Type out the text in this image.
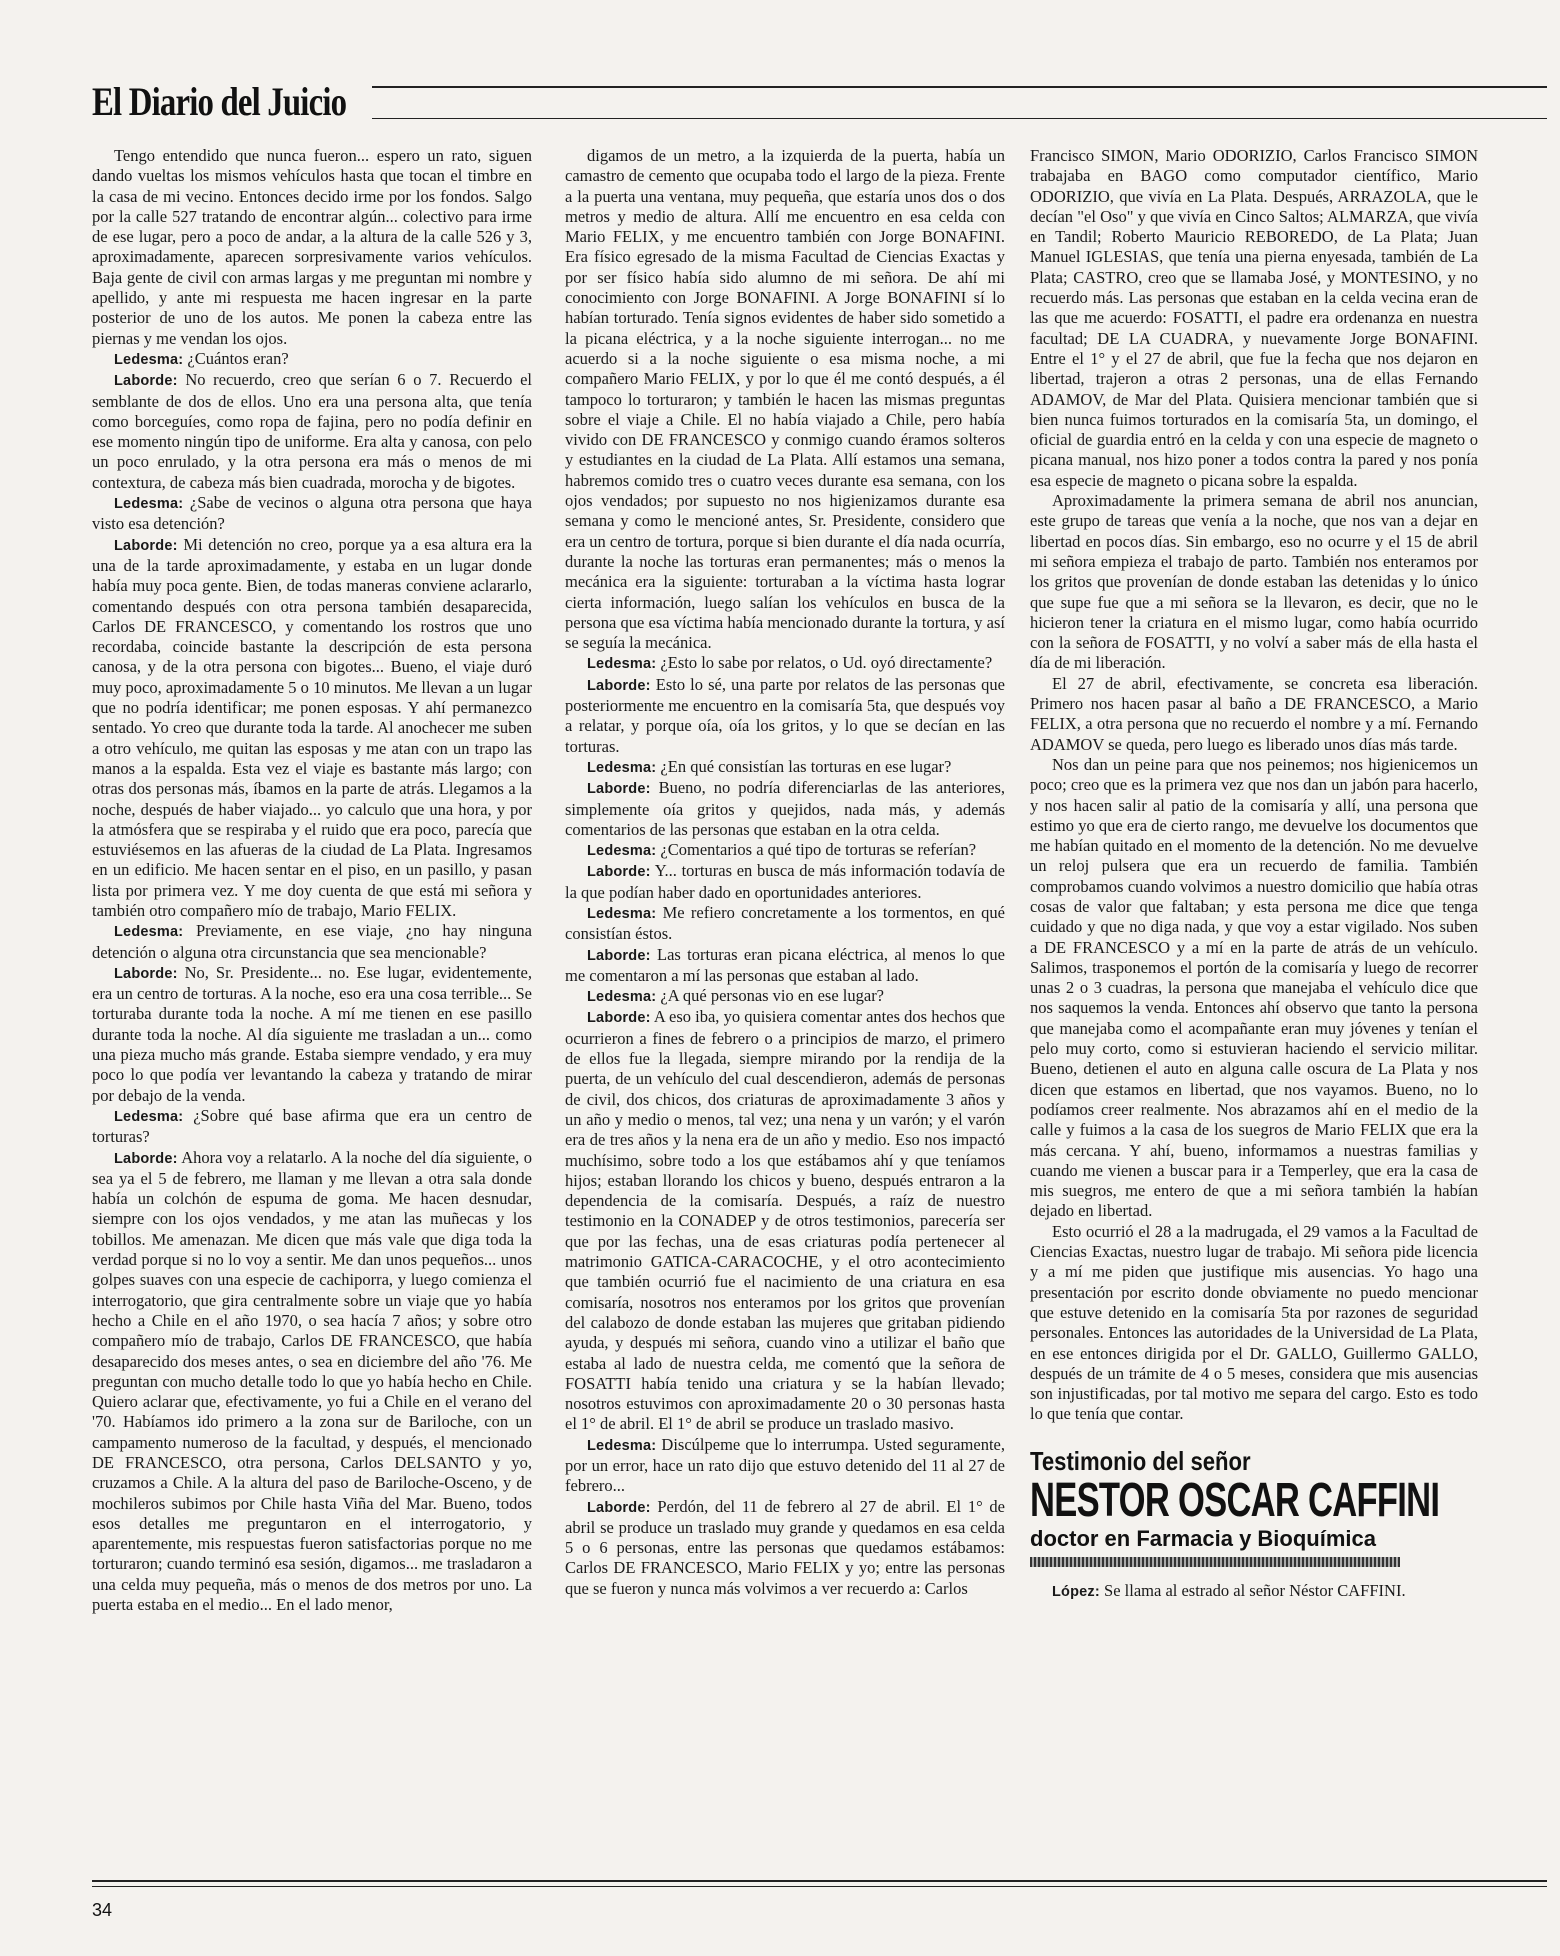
El Diario del Juicio

Tengo entendido que nunca fueron... espero un rato, siguen dando vueltas los mismos vehículos hasta que tocan el timbre en la casa de mi vecino. Entonces decido irme por los fondos. Salgo por la calle 527 tratando de encontrar algún... colectivo para irme de ese lugar, pero a poco de andar, a la altura de la calle 526 y 3, aproximadamente, aparecen sorpresivamente varios vehículos. Baja gente de civil con armas largas y me preguntan mi nombre y apellido, y ante mi respuesta me hacen ingresar en la parte posterior de uno de los autos. Me ponen la cabeza entre las piernas y me vendan los ojos.

Ledesma: ¿Cuántos eran?

Laborde: No recuerdo, creo que serían 6 o 7. Recuerdo el semblante de dos de ellos. Uno era una persona alta, que tenía como borceguíes, como ropa de fajina, pero no podía definir en ese momento ningún tipo de uniforme. Era alta y canosa, con pelo un poco enrulado, y la otra persona era más o menos de mi contextura, de cabeza más bien cuadrada, morocha y de bigotes.

Ledesma: ¿Sabe de vecinos o alguna otra persona que haya visto esa detención?

Laborde: Mi detención no creo, porque ya a esa altura era la una de la tarde aproximadamente, y estaba en un lugar donde había muy poca gente. Bien, de todas maneras conviene aclararlo, comentando después con otra persona también desaparecida, Carlos DE FRANCESCO, y comentando los rostros que uno recordaba, coincide bastante la descripción de esta persona canosa, y de la otra persona con bigotes... Bueno, el viaje duró muy poco, aproximadamente 5 o 10 minutos. Me llevan a un lugar que no podría identificar; me ponen esposas. Y ahí permanezco sentado. Yo creo que durante toda la tarde. Al anochecer me suben a otro vehículo, me quitan las esposas y me atan con un trapo las manos a la espalda. Esta vez el viaje es bastante más largo; con otras dos personas más, íbamos en la parte de atrás. Llegamos a la noche, después de haber viajado... yo calculo que una hora, y por la atmósfera que se respiraba y el ruido que era poco, parecía que estuviésemos en las afueras de la ciudad de La Plata. Ingresamos en un edificio. Me hacen sentar en el piso, en un pasillo, y pasan lista por primera vez. Y me doy cuenta de que está mi señora y también otro compañero mío de trabajo, Mario FELIX.

Ledesma: Previamente, en ese viaje, ¿no hay ninguna detención o alguna otra circunstancia que sea mencionable?

Laborde: No, Sr. Presidente... no. Ese lugar, evidentemente, era un centro de torturas. A la noche, eso era una cosa terrible... Se torturaba durante toda la noche. A mí me tienen en ese pasillo durante toda la noche. Al día siguiente me trasladan a un... como una pieza mucho más grande. Estaba siempre vendado, y era muy poco lo que podía ver levantando la cabeza y tratando de mirar por debajo de la venda.

Ledesma: ¿Sobre qué base afirma que era un centro de torturas?

Laborde: Ahora voy a relatarlo. A la noche del día siguiente, o sea ya el 5 de febrero, me llaman y me llevan a otra sala donde había un colchón de espuma de goma. Me hacen desnudar, siempre con los ojos vendados, y me atan las muñecas y los tobillos. Me amenazan. Me dicen que más vale que diga toda la verdad porque si no lo voy a sentir. Me dan unos pequeños... unos golpes suaves con una especie de cachiporra, y luego comienza el interrogatorio, que gira centralmente sobre un viaje que yo había hecho a Chile en el año 1970, o sea hacía 7 años; y sobre otro compañero mío de trabajo, Carlos DE FRANCESCO, que había desaparecido dos meses antes, o sea en diciembre del año '76. Me preguntan con mucho detalle todo lo que yo había hecho en Chile. Quiero aclarar que, efectivamente, yo fui a Chile en el verano del '70. Habíamos ido primero a la zona sur de Bariloche, con un campamento numeroso de la facultad, y después, el mencionado DE FRANCESCO, otra persona, Carlos DELSANTO y yo, cruzamos a Chile. A la altura del paso de Bariloche-Osceno, y de mochileros subimos por Chile hasta Viña del Mar. Bueno, todos esos detalles me preguntaron en el interrogatorio, y aparentemente, mis respuestas fueron satisfactorias porque no me torturaron; cuando terminó esa sesión, digamos... me trasladaron a una celda muy pequeña, más o menos de dos metros por uno. La puerta estaba en el medio... En el lado menor,

digamos de un metro, a la izquierda de la puerta, había un camastro de cemento que ocupaba todo el largo de la pieza. Frente a la puerta una ventana, muy pequeña, que estaría unos dos o dos metros y medio de altura. Allí me encuentro en esa celda con Mario FELIX, y me encuentro también con Jorge BONAFINI. Era físico egresado de la misma Facultad de Ciencias Exactas y por ser físico había sido alumno de mi señora. De ahí mi conocimiento con Jorge BONAFINI. A Jorge BONAFINI sí lo habían torturado. Tenía signos evidentes de haber sido sometido a la picana eléctrica, y a la noche siguiente interrogan... no me acuerdo si a la noche siguiente o esa misma noche, a mi compañero Mario FELIX, y por lo que él me contó después, a él tampoco lo torturaron; y también le hacen las mismas preguntas sobre el viaje a Chile. El no había viajado a Chile, pero había vivido con DE FRANCESCO y conmigo cuando éramos solteros y estudiantes en la ciudad de La Plata. Allí estamos una semana, habremos comido tres o cuatro veces durante esa semana, con los ojos vendados; por supuesto no nos higienizamos durante esa semana y como le mencioné antes, Sr. Presidente, considero que era un centro de tortura, porque si bien durante el día nada ocurría, durante la noche las torturas eran permanentes; más o menos la mecánica era la siguiente: torturaban a la víctima hasta lograr cierta información, luego salían los vehículos en busca de la persona que esa víctima había mencionado durante la tortura, y así se seguía la mecánica.

Ledesma: ¿Esto lo sabe por relatos, o Ud. oyó directamente?

Laborde: Esto lo sé, una parte por relatos de las personas que posteriormente me encuentro en la comisaría 5ta, que después voy a relatar, y porque oía, oía los gritos, y lo que se decían en las torturas.

Ledesma: ¿En qué consistían las torturas en ese lugar?

Laborde: Bueno, no podría diferenciarlas de las anteriores, simplemente oía gritos y quejidos, nada más, y además comentarios de las personas que estaban en la otra celda.

Ledesma: ¿Comentarios a qué tipo de torturas se referían?

Laborde: Y... torturas en busca de más información todavía de la que podían haber dado en oportunidades anteriores.

Ledesma: Me refiero concretamente a los tormentos, en qué consistían éstos.

Laborde: Las torturas eran picana eléctrica, al menos lo que me comentaron a mí las personas que estaban al lado.

Ledesma: ¿A qué personas vio en ese lugar?

Laborde: A eso iba, yo quisiera comentar antes dos hechos que ocurrieron a fines de febrero o a principios de marzo, el primero de ellos fue la llegada, siempre mirando por la rendija de la puerta, de un vehículo del cual descendieron, además de personas de civil, dos chicos, dos criaturas de aproximadamente 3 años y un año y medio o menos, tal vez; una nena y un varón; y el varón era de tres años y la nena era de un año y medio. Eso nos impactó muchísimo, sobre todo a los que estábamos ahí y que teníamos hijos; estaban llorando los chicos y bueno, después entraron a la dependencia de la comisaría. Después, a raíz de nuestro testimonio en la CONADEP y de otros testimonios, parecería ser que por las fechas, una de esas criaturas podía pertenecer al matrimonio GATICA-CARACOCHE, y el otro acontecimiento que también ocurrió fue el nacimiento de una criatura en esa comisaría, nosotros nos enteramos por los gritos que provenían del calabozo de donde estaban las mujeres que gritaban pidiendo ayuda, y después mi señora, cuando vino a utilizar el baño que estaba al lado de nuestra celda, me comentó que la señora de FOSATTI había tenido una criatura y se la habían llevado; nosotros estuvimos con aproximadamente 20 o 30 personas hasta el 1° de abril. El 1° de abril se produce un traslado masivo.

Ledesma: Discúlpeme que lo interrumpa. Usted seguramente, por un error, hace un rato dijo que estuvo detenido del 11 al 27 de febrero...

Laborde: Perdón, del 11 de febrero al 27 de abril. El 1° de abril se produce un traslado muy grande y quedamos en esa celda 5 o 6 personas, entre las personas que quedamos estábamos: Carlos DE FRANCESCO, Mario FELIX y yo; entre las personas que se fueron y nunca más volvimos a ver recuerdo a: Carlos

Francisco SIMON, Mario ODORIZIO, Carlos Francisco SIMON trabajaba en BAGO como computador científico, Mario ODORIZIO, que vivía en La Plata. Después, ARRAZOLA, que le decían "el Oso" y que vivía en Cinco Saltos; ALMARZA, que vivía en Tandil; Roberto Mauricio REBOREDO, de La Plata; Juan Manuel IGLESIAS, que tenía una pierna enyesada, también de La Plata; CASTRO, creo que se llamaba José, y MONTESINO, y no recuerdo más. Las personas que estaban en la celda vecina eran de las que me acuerdo: FOSATTI, el padre era ordenanza en nuestra facultad; DE LA CUADRA, y nuevamente Jorge BONAFINI. Entre el 1° y el 27 de abril, que fue la fecha que nos dejaron en libertad, trajeron a otras 2 personas, una de ellas Fernando ADAMOV, de Mar del Plata. Quisiera mencionar también que si bien nunca fuimos torturados en la comisaría 5ta, un domingo, el oficial de guardia entró en la celda y con una especie de magneto o picana manual, nos hizo poner a todos contra la pared y nos ponía esa especie de magneto o picana sobre la espalda.

Aproximadamente la primera semana de abril nos anuncian, este grupo de tareas que venía a la noche, que nos van a dejar en libertad en pocos días. Sin embargo, eso no ocurre y el 15 de abril mi señora empieza el trabajo de parto. También nos enteramos por los gritos que provenían de donde estaban las detenidas y lo único que supe fue que a mi señora se la llevaron, es decir, que no le hicieron tener la criatura en el mismo lugar, como había ocurrido con la señora de FOSATTI, y no volví a saber más de ella hasta el día de mi liberación.

El 27 de abril, efectivamente, se concreta esa liberación. Primero nos hacen pasar al baño a DE FRANCESCO, a Mario FELIX, a otra persona que no recuerdo el nombre y a mí. Fernando ADAMOV se queda, pero luego es liberado unos días más tarde.

Nos dan un peine para que nos peinemos; nos higienicemos un poco; creo que es la primera vez que nos dan un jabón para hacerlo, y nos hacen salir al patio de la comisaría y allí, una persona que estimo yo que era de cierto rango, me devuelve los documentos que me habían quitado en el momento de la detención. No me devuelve un reloj pulsera que era un recuerdo de familia. También comprobamos cuando volvimos a nuestro domicilio que había otras cosas de valor que faltaban; y esta persona me dice que tenga cuidado y que no diga nada, y que voy a estar vigilado. Nos suben a DE FRANCESCO y a mí en la parte de atrás de un vehículo. Salimos, trasponemos el portón de la comisaría y luego de recorrer unas 2 o 3 cuadras, la persona que manejaba el vehículo dice que nos saquemos la venda. Entonces ahí observo que tanto la persona que manejaba como el acompañante eran muy jóvenes y tenían el pelo muy corto, como si estuvieran haciendo el servicio militar. Bueno, detienen el auto en alguna calle oscura de La Plata y nos dicen que estamos en libertad, que nos vayamos. Bueno, no lo podíamos creer realmente. Nos abrazamos ahí en el medio de la calle y fuimos a la casa de los suegros de Mario FELIX que era la más cercana. Y ahí, bueno, informamos a nuestras familias y cuando me vienen a buscar para ir a Temperley, que era la casa de mis suegros, me entero de que a mi señora también la habían dejado en libertad.

Esto ocurrió el 28 a la madrugada, el 29 vamos a la Facultad de Ciencias Exactas, nuestro lugar de trabajo. Mi señora pide licencia y a mí me piden que justifique mis ausencias. Yo hago una presentación por escrito donde obviamente no puedo mencionar que estuve detenido en la comisaría 5ta por razones de seguridad personales. Entonces las autoridades de la Universidad de La Plata, en ese entonces dirigida por el Dr. GALLO, Guillermo GALLO, después de un trámite de 4 o 5 meses, considera que mis ausencias son injustificadas, por tal motivo me separa del cargo. Esto es todo lo que tenía que contar.

Testimonio del señor
NESTOR OSCAR CAFFINI
doctor en Farmacia y Bioquímica

López: Se llama al estrado al señor Néstor CAFFINI.

34
